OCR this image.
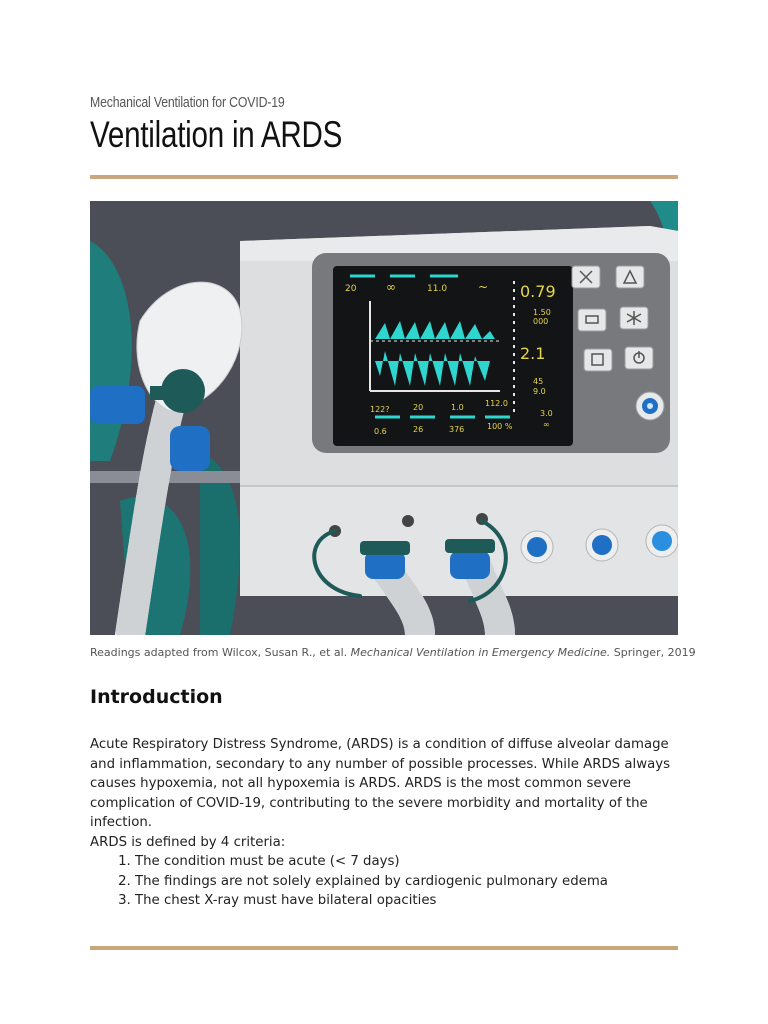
Mechanical Ventilation for COVID-19
Ventilation in ARDS
20 ∞	11.0	~ 0.79
1.50
000
2.1
45
9.0
122?	20	1.0	112.0
3.0
0.6	26	376	100 %	∞
Readings adapted from Wilcox, Susan R., et al. Mechanical Ventilation in Emergency Medicine. Springer, 2019
Introduction

Acute Respiratory Distress Syndrome, (ARDS) is a condition of diffuse alveolar damage and inflammation, secondary to any number of possible processes. While ARDS always causes hypoxemia, not all hypoxemia is ARDS. ARDS is the most common severe complication of COVID-19, contributing to the severe morbidity and mortality of the infection.

ARDS is defined by 4 criteria:

1. The condition must be acute (< 7 days)
2. The findings are not solely explained by cardiogenic pulmonary edema
3. The chest X-ray must have bilateral opacities
